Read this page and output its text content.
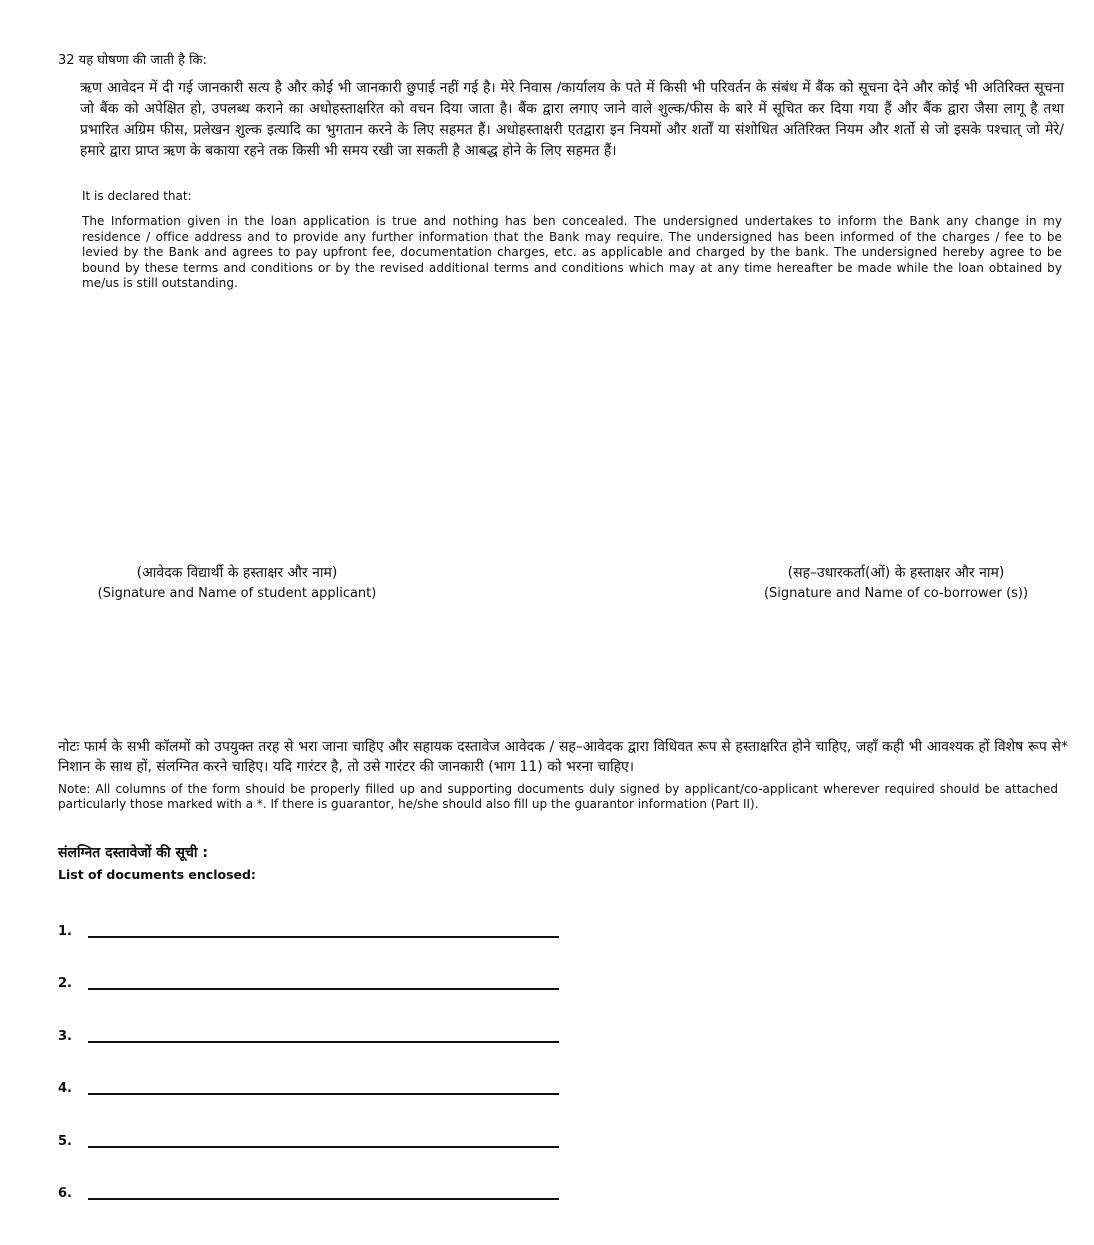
32 यह घोषणा की जाती है कि:
ऋण आवेदन में दी गई जानकारी सत्य है और कोई भी जानकारी छुपाई नहीं गई है। मेरे निवास /कार्यालय के पते में किसी भी परिवर्तन के संबंध में बैंक को सूचना देने और कोई भी अतिरिक्त सूचना जो बैंक को अपेक्षित हो, उपलब्ध कराने का अधोहस्ताक्षरित को वचन दिया जाता है। बैंक द्वारा लगाए जाने वाले शुल्क/फीस के बारे में सूचित कर दिया गया हैं और बैंक द्वारा जैसा लागू है तथा प्रभारित अग्रिम फीस, प्रलेखन शुल्क इत्यादि का भुगतान करने के लिए सहमत हैं। अधोहस्ताक्षरी एतद्वारा इन नियमों और शर्तों या संशोधित अतिरिक्त नियम और शर्तो से जो इसके पश्चात् जो मेरे/हमारे द्वारा प्राप्त ऋण के बकाया रहने तक किसी भी समय रखी जा सकती है आबद्ध होने के लिए सहमत हैं।
It is declared that:
The Information given in the loan application is true and nothing has ben concealed. The undersigned undertakes to inform the Bank any change in my residence / office address and to provide any further information that the Bank may require. The undersigned has been informed of the charges / fee to be levied by the Bank and agrees to pay upfront fee, documentation charges, etc. as applicable and charged by the bank. The undersigned hereby agree to be bound by these terms and conditions or by the revised additional terms and conditions which may at any time hereafter be made while the loan obtained by me/us is still outstanding.
(आवेदक विद्यार्थी के हस्ताक्षर और नाम)
(Signature and Name of student applicant)
(सह–उधारकर्ता(ओं) के हस्ताक्षर और नाम)
(Signature and Name of co-borrower (s))
नोटः फार्म के सभी कॉलमों को उपयुक्त तरह से भरा जाना चाहिए और सहायक दस्तावेज आवेदक / सह–आवेदक द्वारा विधिवत रूप से हस्ताक्षरित होने चाहिए, जहाँ कही भी आवश्यक हों विशेष रूप से* निशान के साथ हों, संलग्नित करने चाहिए। यदि गारंटर है, तो उसे गारंटर की जानकारी (भाग 11) को भरना चाहिए।
Note: All columns of the form should be properly filled up and supporting documents duly signed by applicant/co-applicant wherever required should be attached particularly those marked with a *. If there is guarantor, he/she should also fill up the guarantor information (Part II).
संलग्नित दस्तावेजों की सूची :
List of documents enclosed:
1.
2.
3.
4.
5.
6.
